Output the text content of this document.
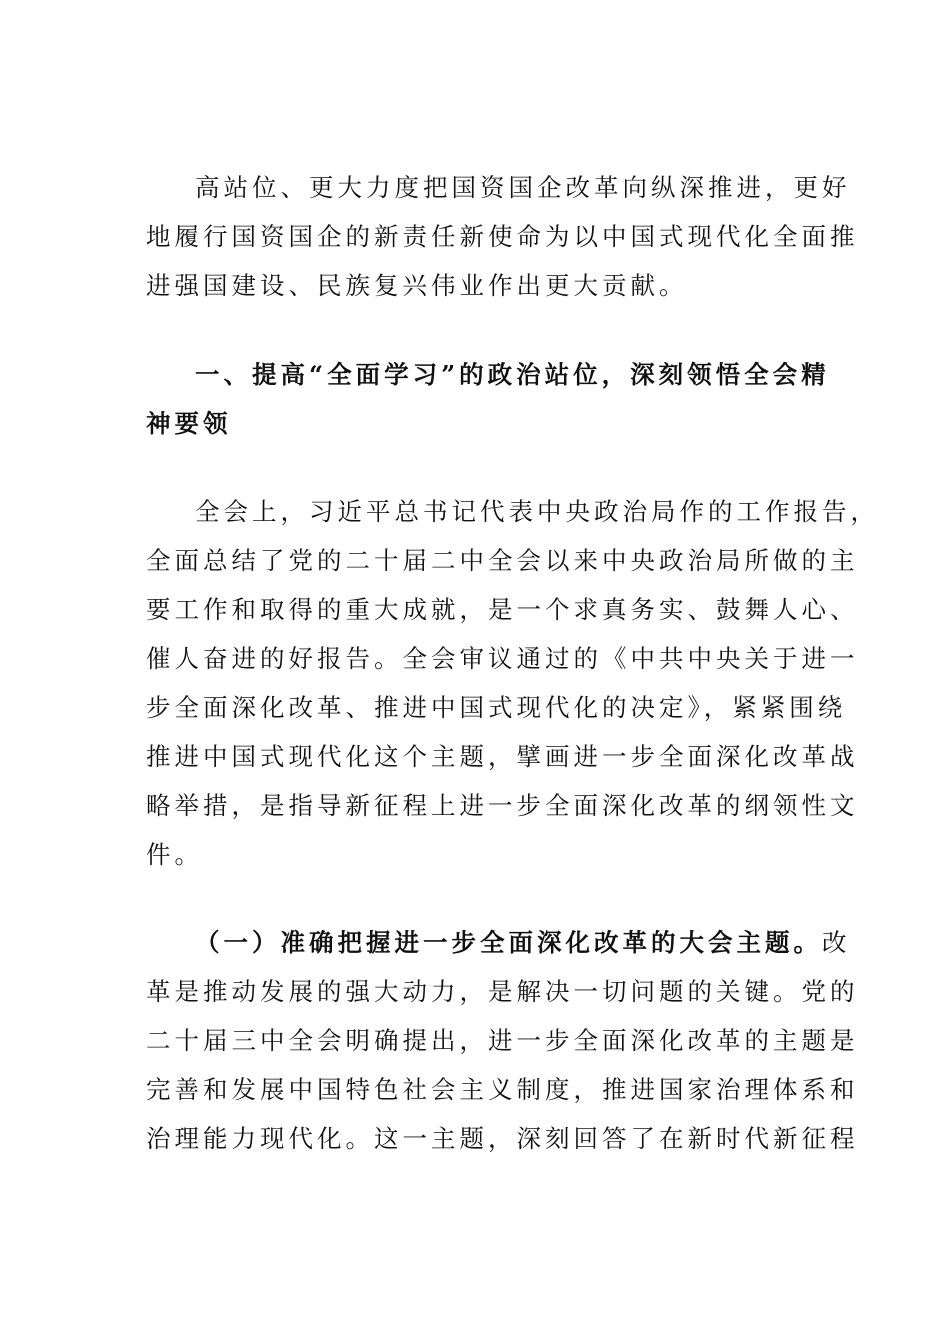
高站位、更大力度把国资国企改革向纵深推进，更好
地履行国资国企的新责任新使命为以中国式现代化全面推
进强国建设、民族复兴伟业作出更大贡献。
一、提高“全面学习”的政治站位，深刻领悟全会精
神要领
全会上，习近平总书记代表中央政治局作的工作报告，
全面总结了党的二十届二中全会以来中央政治局所做的主
要工作和取得的重大成就，是一个求真务实、鼓舞人心、
催人奋进的好报告。全会审议通过的《中共中央关于进一
步全面深化改革、推进中国式现代化的决定》，紧紧围绕
推进中国式现代化这个主题，擘画进一步全面深化改革战
略举措，是指导新征程上进一步全面深化改革的纲领性文
件。
（一）准确把握进一步全面深化改革的大会主题。改
革是推动发展的强大动力，是解决一切问题的关键。党的
二十届三中全会明确提出，进一步全面深化改革的主题是
完善和发展中国特色社会主义制度，推进国家治理体系和
治理能力现代化。这一主题，深刻回答了在新时代新征程
